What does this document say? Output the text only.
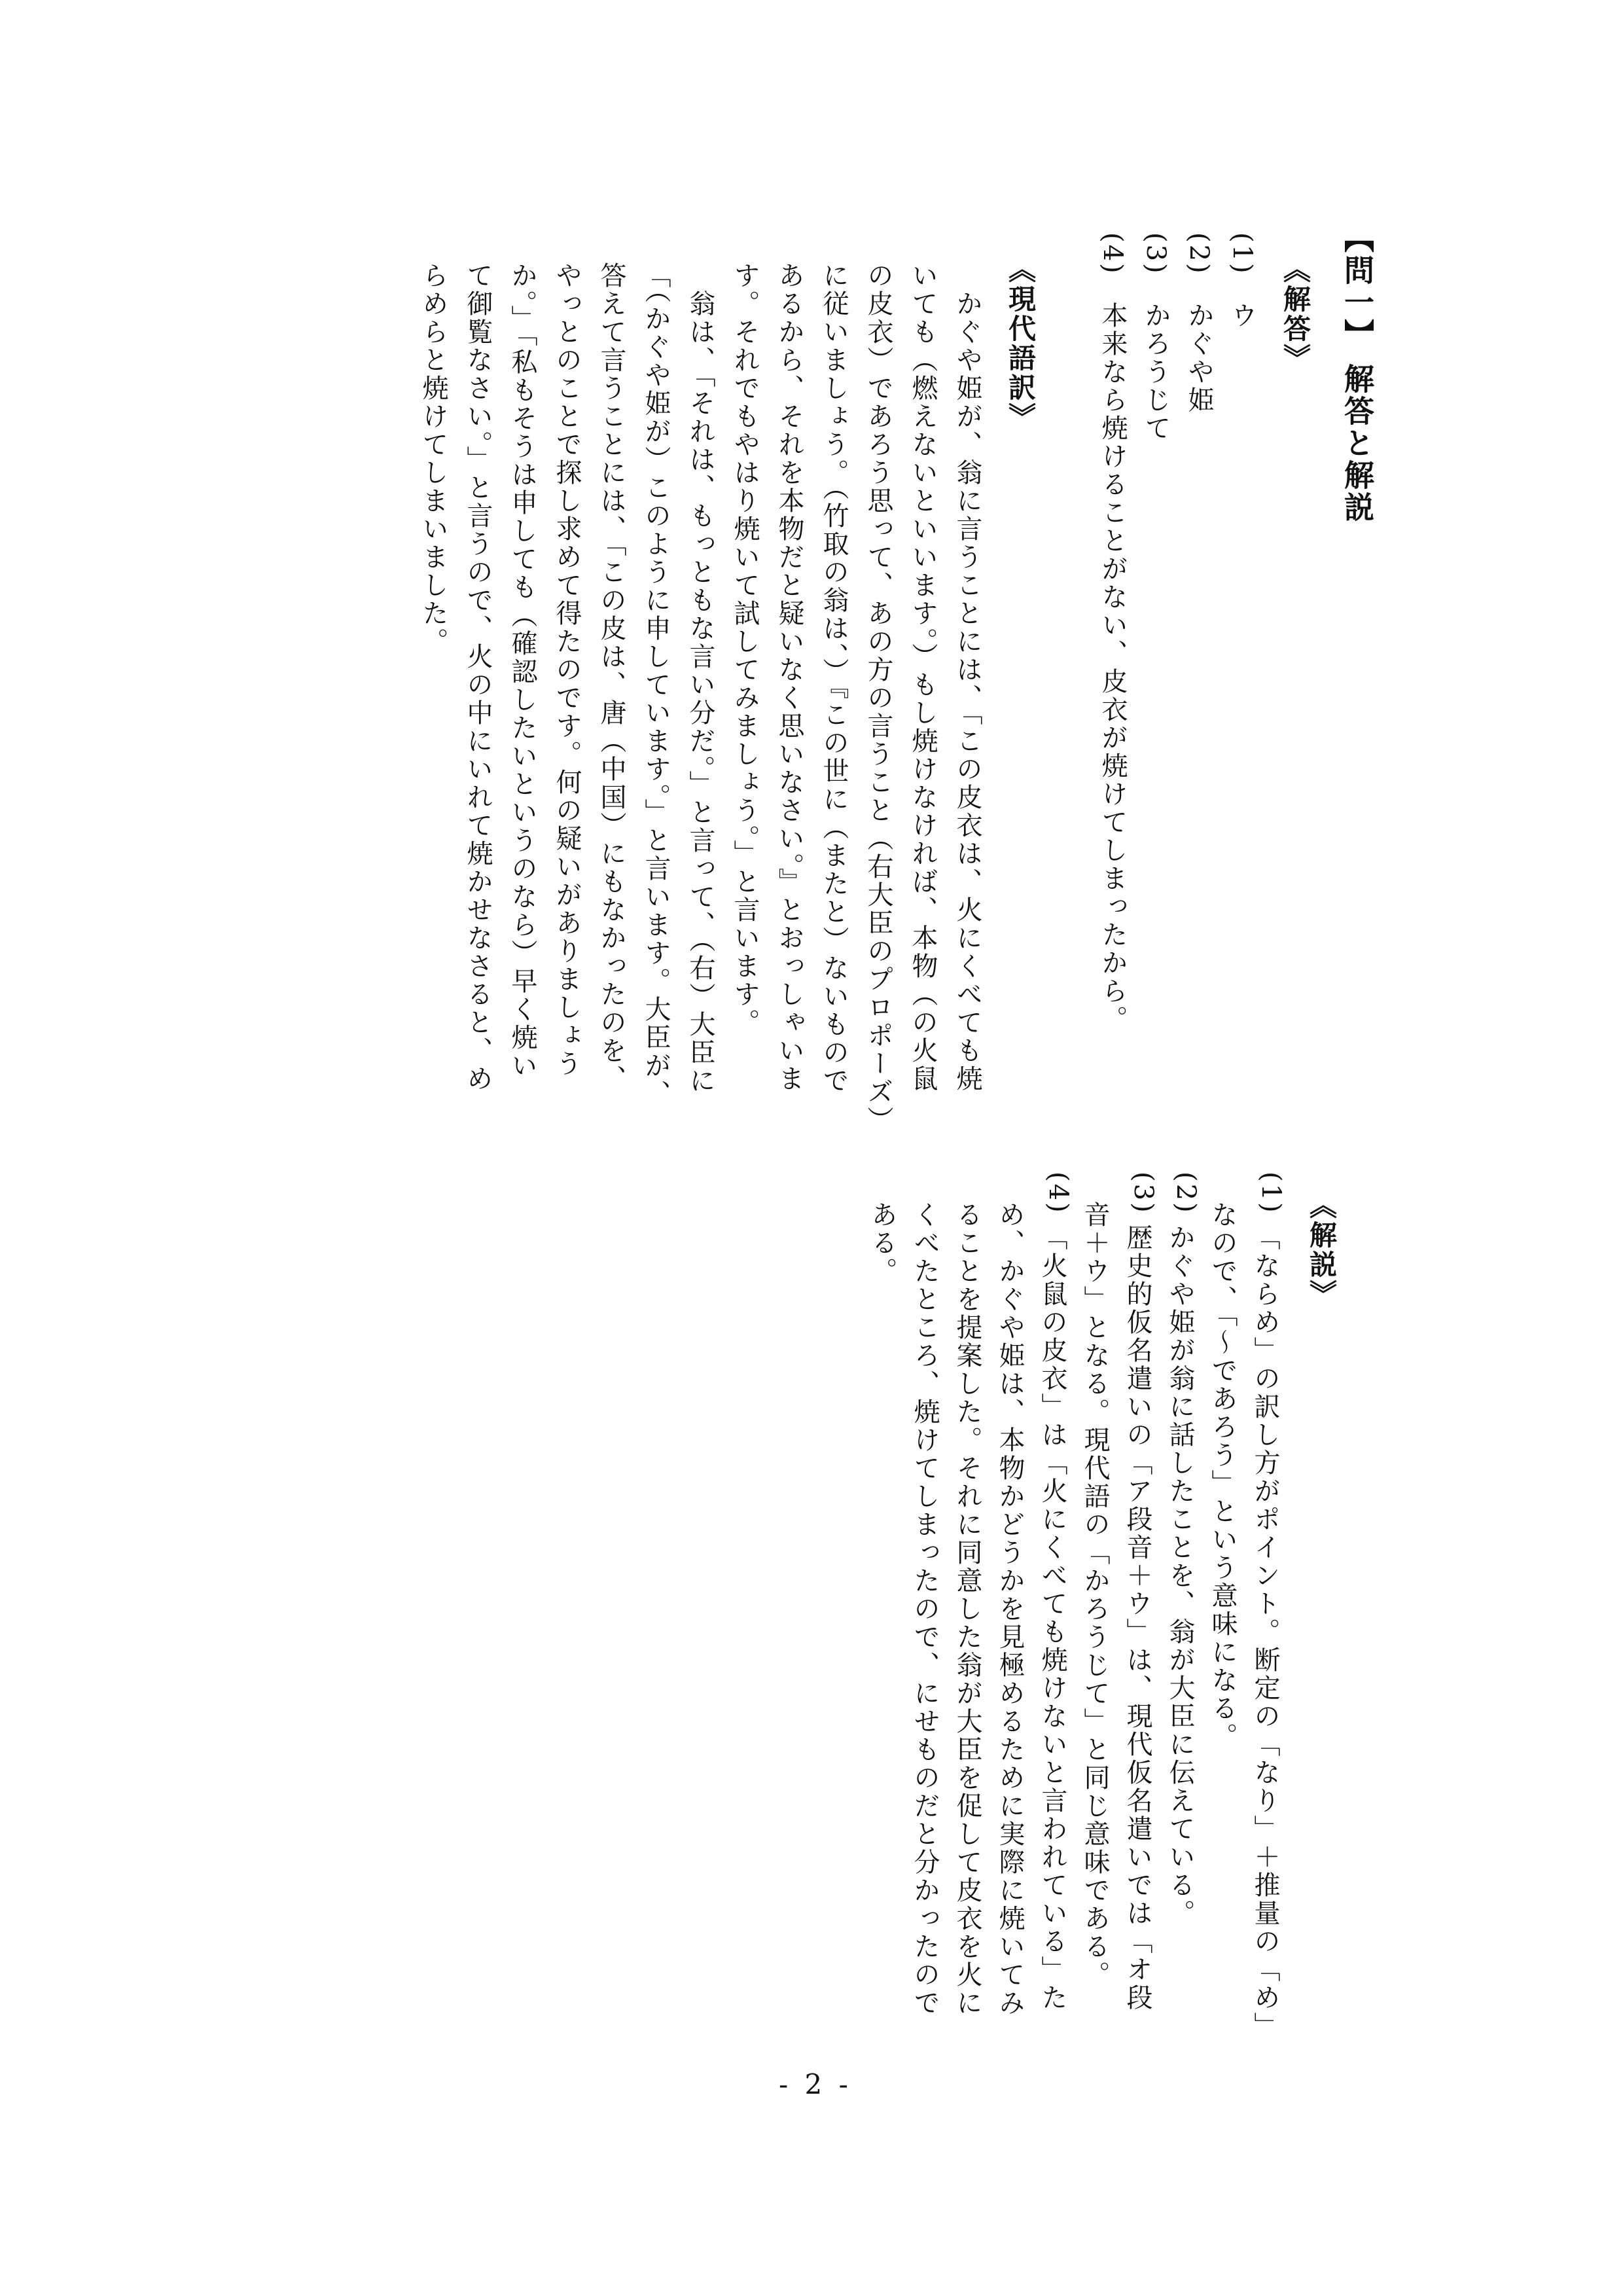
【問一】 解答と解説
《解答》
(1)ウ
(2)かぐや姫
(3)かろうじて
(4)本来なら焼けることがない、皮衣が焼けてしまったから。
《現代語訳》
　かぐや姫が、翁に言うことには、「この皮衣は、火にくべても焼
いても（燃えないといいます。）もし焼けなければ、本物（の火鼠
の皮衣）であろう思って、あの方の言うこと（右大臣のプロポーズ）
に従いましょう。（竹取の翁は、）『この世に（またと）ないもので
あるから、それを本物だと疑いなく思いなさい。』とおっしゃいま
す。それでもやはり焼いて試してみましょう。」と言います。
　翁は、「それは、もっともな言い分だ。」と言って、（右）大臣に
「（かぐや姫が）このように申しています。」と言います。大臣が、
答えて言うことには、「この皮は、唐（中国）にもなかったのを、
やっとのことで探し求めて得たのです。何の疑いがありましょう
か。」「私もそうは申しても（確認したいというのなら）早く焼い
て御覧なさい。」と言うので、火の中にいれて焼かせなさると、め
らめらと焼けてしまいました。
《解説》
(1)
(2)
(3)
(4)
「ならめ」の訳し方がポイント。断定の「なり」＋推量の「め」
なので、「〜であろう」という意味になる。
かぐや姫が翁に話したことを、翁が大臣に伝えている。
歴史的仮名遣いの「ア段音＋ウ」は、現代仮名遣いでは「オ段
音＋ウ」となる。現代語の「かろうじて」と同じ意味である。
「火鼠の皮衣」は「火にくべても焼けないと言われている」た
め、かぐや姫は、本物かどうかを見極めるために実際に焼いてみ
ることを提案した。それに同意した翁が大臣を促して皮衣を火に
くべたところ、焼けてしまったので、にせものだと分かったので
ある。
- 2 -
